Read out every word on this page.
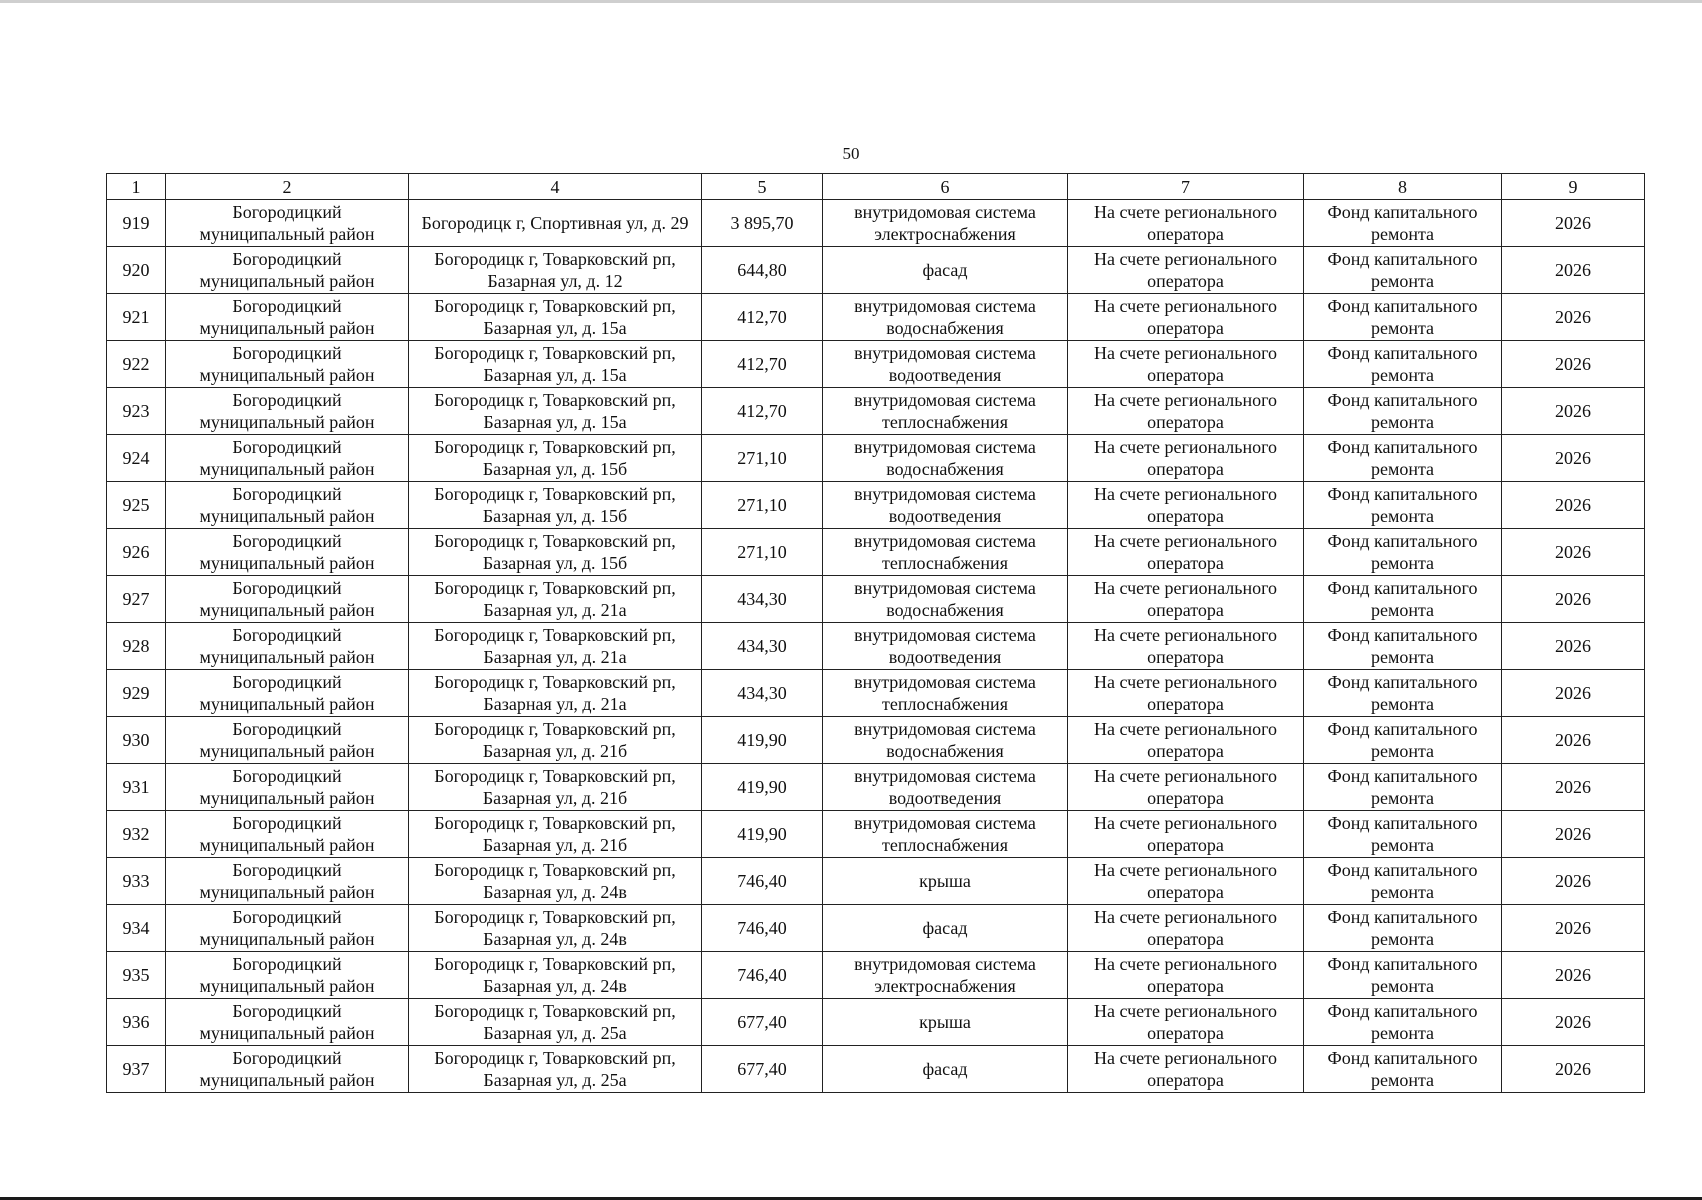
50
1	2	4	5	6	7	8	9
919	Богородицкий муниципальный район	Богородицк г, Спортивная ул, д. 29	3 895,70	внутридомовая система электроснабжения	На счете регионального оператора	Фонд капитального ремонта	2026
920	Богородицкий муниципальный район	Богородицк г, Товарковский рп, Базарная ул, д. 12	644,80	фасад	На счете регионального оператора	Фонд капитального ремонта	2026
921	Богородицкий муниципальный район	Богородицк г, Товарковский рп, Базарная ул, д. 15а	412,70	внутридомовая система водоснабжения	На счете регионального оператора	Фонд капитального ремонта	2026
922	Богородицкий муниципальный район	Богородицк г, Товарковский рп, Базарная ул, д. 15а	412,70	внутридомовая система водоотведения	На счете регионального оператора	Фонд капитального ремонта	2026
923	Богородицкий муниципальный район	Богородицк г, Товарковский рп, Базарная ул, д. 15а	412,70	внутридомовая система теплоснабжения	На счете регионального оператора	Фонд капитального ремонта	2026
924	Богородицкий муниципальный район	Богородицк г, Товарковский рп, Базарная ул, д. 15б	271,10	внутридомовая система водоснабжения	На счете регионального оператора	Фонд капитального ремонта	2026
925	Богородицкий муниципальный район	Богородицк г, Товарковский рп, Базарная ул, д. 15б	271,10	внутридомовая система водоотведения	На счете регионального оператора	Фонд капитального ремонта	2026
926	Богородицкий муниципальный район	Богородицк г, Товарковский рп, Базарная ул, д. 15б	271,10	внутридомовая система теплоснабжения	На счете регионального оператора	Фонд капитального ремонта	2026
927	Богородицкий муниципальный район	Богородицк г, Товарковский рп, Базарная ул, д. 21а	434,30	внутридомовая система водоснабжения	На счете регионального оператора	Фонд капитального ремонта	2026
928	Богородицкий муниципальный район	Богородицк г, Товарковский рп, Базарная ул, д. 21а	434,30	внутридомовая система водоотведения	На счете регионального оператора	Фонд капитального ремонта	2026
929	Богородицкий муниципальный район	Богородицк г, Товарковский рп, Базарная ул, д. 21а	434,30	внутридомовая система теплоснабжения	На счете регионального оператора	Фонд капитального ремонта	2026
930	Богородицкий муниципальный район	Богородицк г, Товарковский рп, Базарная ул, д. 21б	419,90	внутридомовая система водоснабжения	На счете регионального оператора	Фонд капитального ремонта	2026
931	Богородицкий муниципальный район	Богородицк г, Товарковский рп, Базарная ул, д. 21б	419,90	внутридомовая система водоотведения	На счете регионального оператора	Фонд капитального ремонта	2026
932	Богородицкий муниципальный район	Богородицк г, Товарковский рп, Базарная ул, д. 21б	419,90	внутридомовая система теплоснабжения	На счете регионального оператора	Фонд капитального ремонта	2026
933	Богородицкий муниципальный район	Богородицк г, Товарковский рп, Базарная ул, д. 24в	746,40	крыша	На счете регионального оператора	Фонд капитального ремонта	2026
934	Богородицкий муниципальный район	Богородицк г, Товарковский рп, Базарная ул, д. 24в	746,40	фасад	На счете регионального оператора	Фонд капитального ремонта	2026
935	Богородицкий муниципальный район	Богородицк г, Товарковский рп, Базарная ул, д. 24в	746,40	внутридомовая система электроснабжения	На счете регионального оператора	Фонд капитального ремонта	2026
936	Богородицкий муниципальный район	Богородицк г, Товарковский рп, Базарная ул, д. 25а	677,40	крыша	На счете регионального оператора	Фонд капитального ремонта	2026
937	Богородицкий муниципальный район	Богородицк г, Товарковский рп, Базарная ул, д. 25а	677,40	фасад	На счете регионального оператора	Фонд капитального ремонта	2026
